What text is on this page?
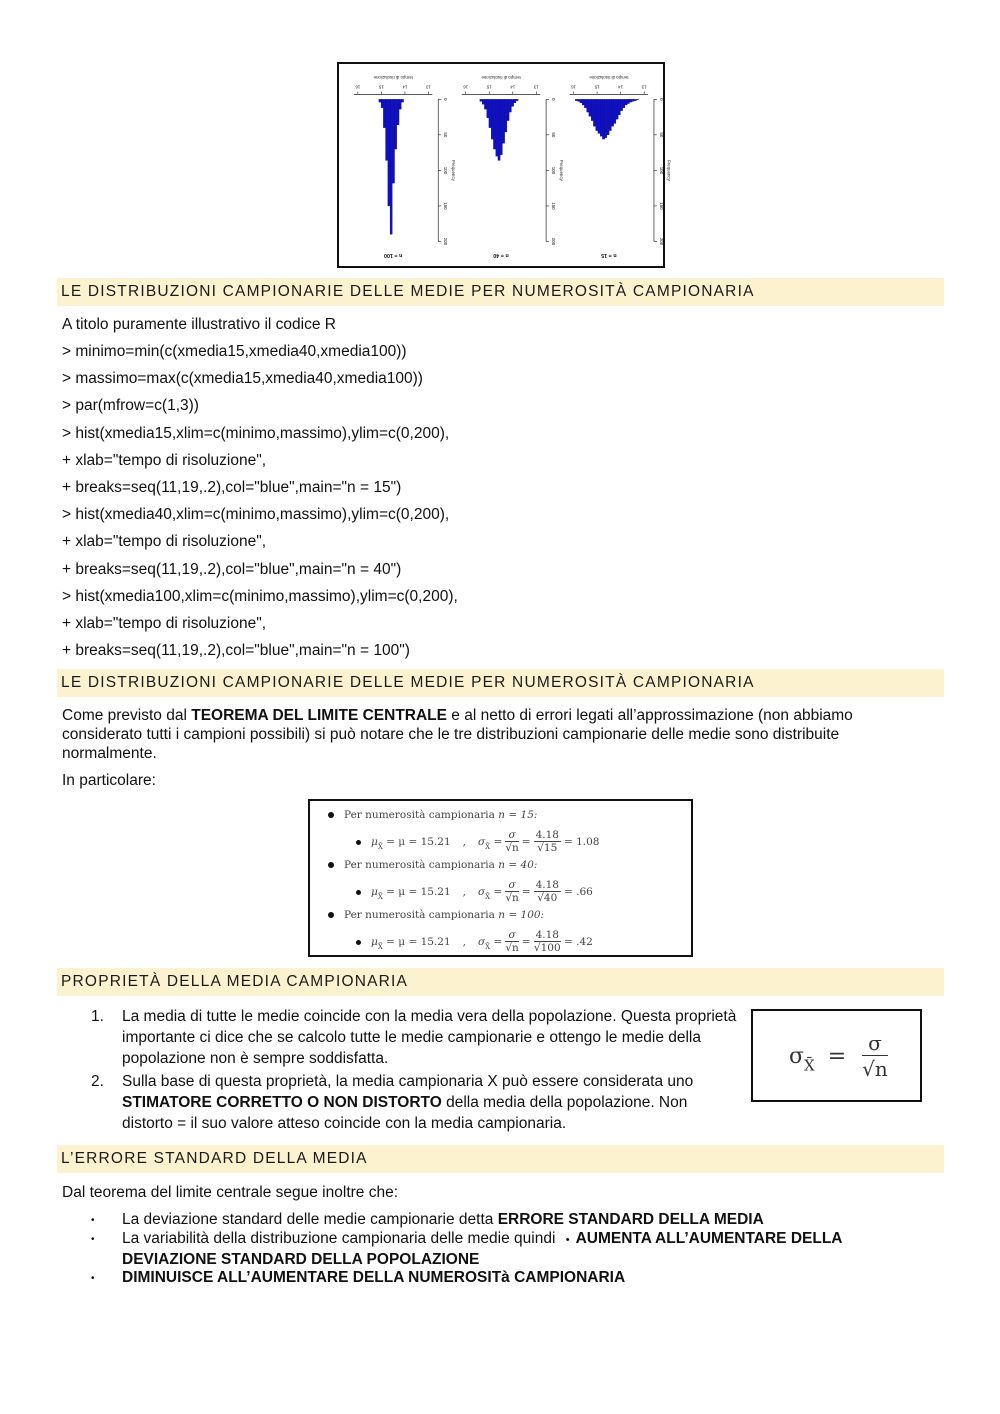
0
50
100
150
200
Frequency
13
14
15
16
tempo di risoluzione
n = 15
0
50
100
150
200
Frequency
13
14
15
16
tempo di risoluzione
n = 40
0
50
100
150
200
Frequency
13
14
15
16
tempo di risoluzione
n = 100
LE DISTRIBUZIONI CAMPIONARIE DELLE MEDIE PER NUMEROSITÀ CAMPIONARIA
A titolo puramente illustrativo il codice R
> minimo=min(c(xmedia15,xmedia40,xmedia100))
> massimo=max(c(xmedia15,xmedia40,xmedia100))
> par(mfrow=c(1,3))
> hist(xmedia15,xlim=c(minimo,massimo),ylim=c(0,200),
+ xlab="tempo di risoluzione",
+ breaks=seq(11,19,.2),col="blue",main="n = 15")
> hist(xmedia40,xlim=c(minimo,massimo),ylim=c(0,200),
+ xlab="tempo di risoluzione",
+ breaks=seq(11,19,.2),col="blue",main="n = 40")
> hist(xmedia100,xlim=c(minimo,massimo),ylim=c(0,200),
+ xlab="tempo di risoluzione",
+ breaks=seq(11,19,.2),col="blue",main="n = 100")
LE DISTRIBUZIONI CAMPIONARIE DELLE MEDIE PER NUMEROSITÀ CAMPIONARIA
Come previsto dal TEOREMA DEL LIMITE CENTRALE e al netto di errori legati all’approssimazione (non abbiamo considerato tutti i campioni possibili) si può notare che le tre distribuzioni campionarie delle medie sono distribuite normalmente.
In particolare:
Per numerosità campionaria n = 15:
$\mu_{X̄} = \mu = 15.21$ , $\sigma_{X̄} = \frac{\sigma}{√n} = \frac{4.18}{√15} = 1.08$
Per numerosità campionaria n = 40:
$\mu_{X̄} = \mu = 15.21$ , $\sigma_{X̄} = \frac{\sigma}{√n} = \frac{4.18}{√40} = .66$
Per numerosità campionaria n = 100:
$\mu_{X̄} = \mu = 15.21$ , $\sigma_{X̄} = \frac{\sigma}{√n} = \frac{4.18}{√100} = .42$
PROPRIETÀ DELLA MEDIA CAMPIONARIA
1. La media di tutte le medie coincide con la media vera della popolazione. Questa proprietà importante ci dice che se calcolo tutte le medie campionarie e ottengo le medie della popolazione non è sempre soddisfatta.
2. Sulla base di questa proprietà, la media campionaria X può essere considerata uno STIMATORE CORRETTO O NON DISTORTO della media della popolazione. Non distorto = il suo valore atteso coincide con la media campionaria.
$\sigma_{X̄} = \frac{\sigma}{√n}$
L’ERRORE STANDARD DELLA MEDIA
Dal teorema del limite centrale segue inoltre che:
• La deviazione standard delle medie campionarie detta ERRORE STANDARD DELLA MEDIA
• La variabilità della distribuzione campionaria delle medie quindi • AUMENTA ALL’AUMENTARE DELLA DEVIAZIONE STANDARD DELLA POPOLAZIONE
• DIMINUISCE ALL’AUMENTARE DELLA NUMEROSITà CAMPIONARIA
